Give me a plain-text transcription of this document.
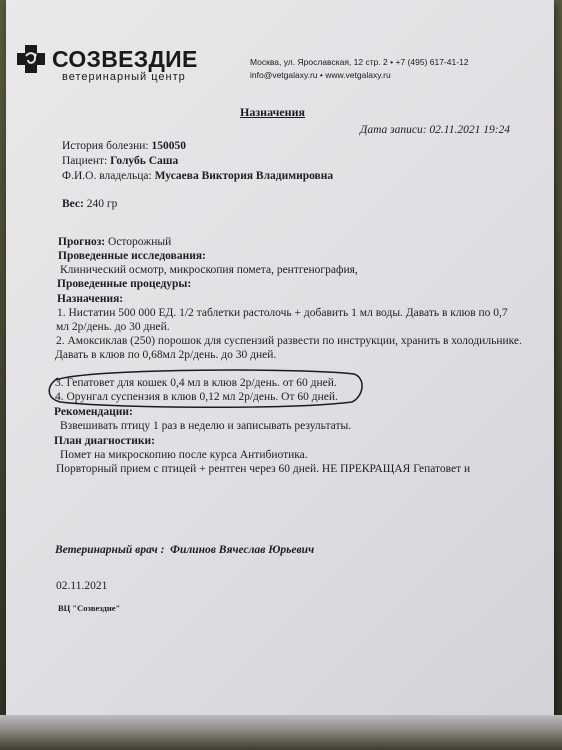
СОЗВЕЗДИЕ
ветеринарный центр
Москва, ул. Ярославская, 12 стр. 2 • +7 (495) 617-41-12
info@vetgalaxy.ru • www.vetgalaxy.ru
Назначения
Дата записи: 02.11.2021 19:24
История болезни: 150050
Пациент: Голубь Саша
Ф.И.О. владельца: Мусаева Виктория Владимировна
Вес: 240 гр
Прогноз: Осторожный
Проведенные исследования:
Клинический осмотр, микроскопия помета, рентгенография,
Проведенные процедуры:
Назначения:
1. Нистатин 500 000 ЕД. 1/2 таблетки растолочь + добавить 1 мл воды. Давать в клюв по 0,7
мл 2р/день. до 30 дней.
2. Амоксиклав (250) порошок для суспензий развести по инструкции, хранить в холодильнике.
Давать в клюв по 0,68мл 2р/день. до 30 дней.
3. Гепатовет для кошек 0,4 мл в клюв 2р/день. от 60 дней.
4. Орунгал суспензия в клюв 0,12 мл 2р/день. От 60 дней.
Рекомендации:
Взвешивать птицу 1 раз в неделю и записывать результаты.
План диагностики:
Помет на микроскопию после курса Антибиотика.
Порвторный прием с птицей + рентген через 60 дней. НЕ ПРЕКРАЩАЯ Гепатовет и
Ветеринарный врач : Филинов Вячеслав Юрьевич
02.11.2021
ВЦ "Созвездие"
